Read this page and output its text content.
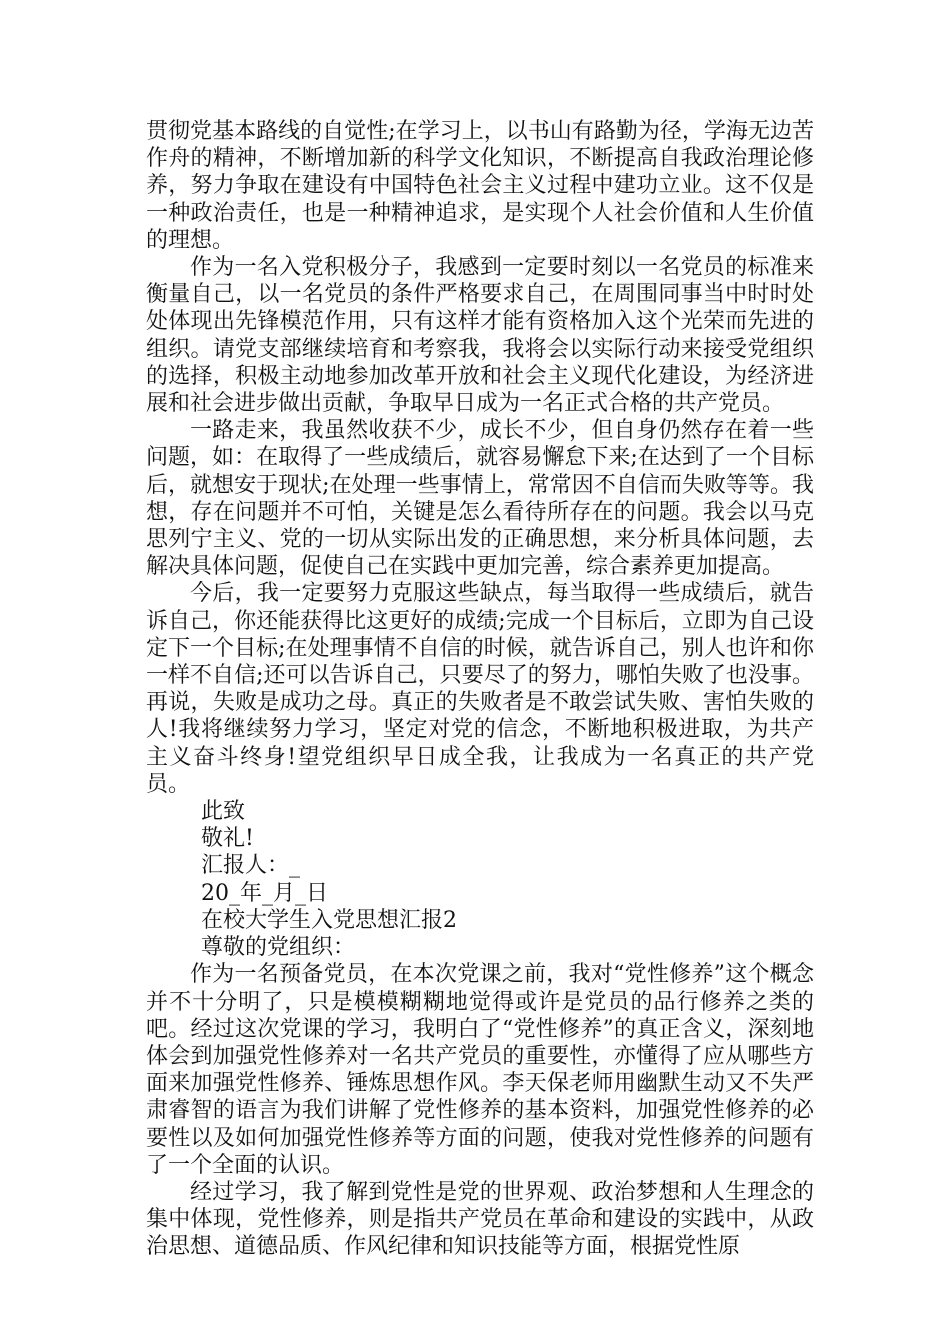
贯彻党基本路线的自觉性;在学习上，以书山有路勤为径，学海无边苦作舟的精神，不断增加新的科学文化知识，不断提高自我政治理论修养，努力争取在建设有中国特色社会主义过程中建功立业。这不仅是一种政治责任，也是一种精神追求，是实现个人社会价值和人生价值的理想。

作为一名入党积极分子，我感到一定要时刻以一名党员的标准来衡量自己，以一名党员的条件严格要求自己，在周围同事当中时时处处体现出先锋模范作用，只有这样才能有资格加入这个光荣而先进的组织。请党支部继续培育和考察我，我将会以实际行动来接受党组织的选择，积极主动地参加改革开放和社会主义现代化建设，为经济进展和社会进步做出贡献，争取早日成为一名正式合格的共产党员。

一路走来，我虽然收获不少，成长不少，但自身仍然存在着一些问题，如：在取得了一些成绩后，就容易懈怠下来;在达到了一个目标后，就想安于现状;在处理一些事情上，常常因不自信而失败等等。我想，存在问题并不可怕，关键是怎么看待所存在的问题。我会以马克思列宁主义、党的一切从实际出发的正确思想，来分析具体问题，去解决具体问题，促使自己在实践中更加完善，综合素养更加提高。

今后，我一定要努力克服这些缺点，每当取得一些成绩后，就告诉自己，你还能获得比这更好的成绩;完成一个目标后，立即为自己设定下一个目标;在处理事情不自信的时候，就告诉自己，别人也许和你一样不自信;还可以告诉自己，只要尽了的努力，哪怕失败了也没事。再说，失败是成功之母。真正的失败者是不敢尝试失败、害怕失败的人!我将继续努力学习，坚定对党的信念，不断地积极进取，为共产主义奋斗终身!望党组织早日成全我，让我成为一名真正的共产党员。

此致

敬礼!

汇报人：_

20_年_月_日

在校大学生入党思想汇报2

尊敬的党组织：

作为一名预备党员，在本次党课之前，我对“党性修养”这个概念并不十分明了，只是模模糊糊地觉得或许是党员的品行修养之类的吧。经过这次党课的学习，我明白了“党性修养”的真正含义，深刻地体会到加强党性修养对一名共产党员的重要性，亦懂得了应从哪些方面来加强党性修养、锤炼思想作风。李天保老师用幽默生动又不失严肃睿智的语言为我们讲解了党性修养的基本资料，加强党性修养的必要性以及如何加强党性修养等方面的问题，使我对党性修养的问题有了一个全面的认识。

经过学习，我了解到党性是党的世界观、政治梦想和人生理念的集中体现，党性修养，则是指共产党员在革命和建设的实践中，从政治思想、道德品质、作风纪律和知识技能等方面，根据党性原
